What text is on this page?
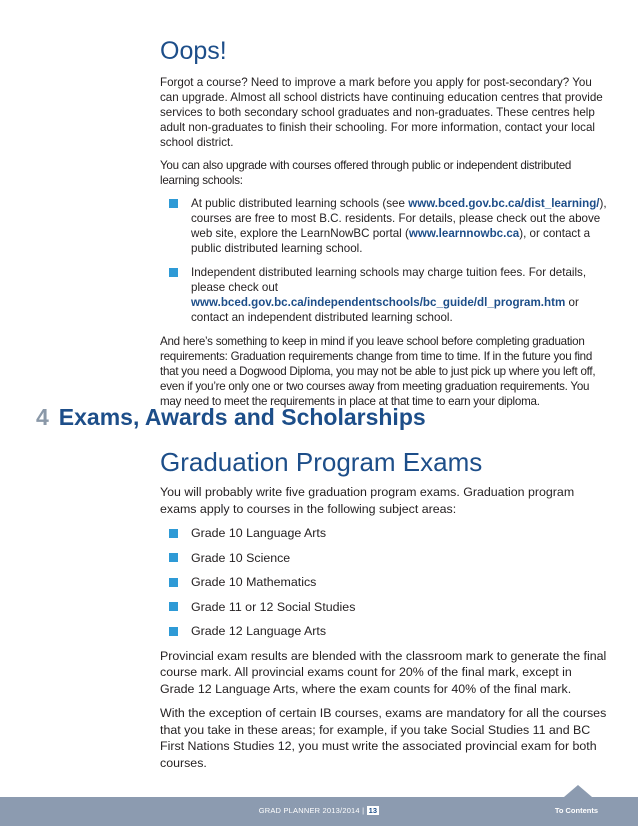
Oops!

Forgot a course? Need to improve a mark before you apply for post-secondary? You can upgrade. Almost all school districts have continuing education centres that provide services to both secondary school graduates and non-graduates. These centres help adult non-graduates to finish their schooling. For more information, contact your local school district.

You can also upgrade with courses offered through public or independent distributed learning schools:

At public distributed learning schools (see www.bced.gov.bc.ca/dist_learning/), courses are free to most B.C. residents. For details, please check out the above web site, explore the LearnNowBC portal (www.learnnowbc.ca), or contact a public distributed learning school.
Independent distributed learning schools may charge tuition fees. For details, please check out www.bced.gov.bc.ca/independentschools/bc_guide/dl_program.htm or contact an independent distributed learning school.

And here’s something to keep in mind if you leave school before completing graduation requirements: Graduation requirements change from time to time. If in the future you find that you need a Dogwood Diploma, you may not be able to just pick up where you left off, even if you’re only one or two courses away from meeting graduation requirements. You may need to meet the requirements in place at that time to earn your diploma.

4 Exams, Awards and Scholarships
Graduation Program Exams

You will probably write five graduation program exams. Graduation program exams apply to courses in the following subject areas:

Grade 10 Language Arts
Grade 10 Science
Grade 10 Mathematics
Grade 11 or 12 Social Studies
Grade 12 Language Arts

Provincial exam results are blended with the classroom mark to generate the final course mark. All provincial exams count for 20% of the final mark, except in Grade 12 Language Arts, where the exam counts for 40% of the final mark.

With the exception of certain IB courses, exams are mandatory for all the courses that you take in these areas; for example, if you take Social Studies 11 and BC First Nations Studies 12, you must write the associated provincial exam for both courses.

GRAD PLANNER 2013/2014 | 13	To Contents
